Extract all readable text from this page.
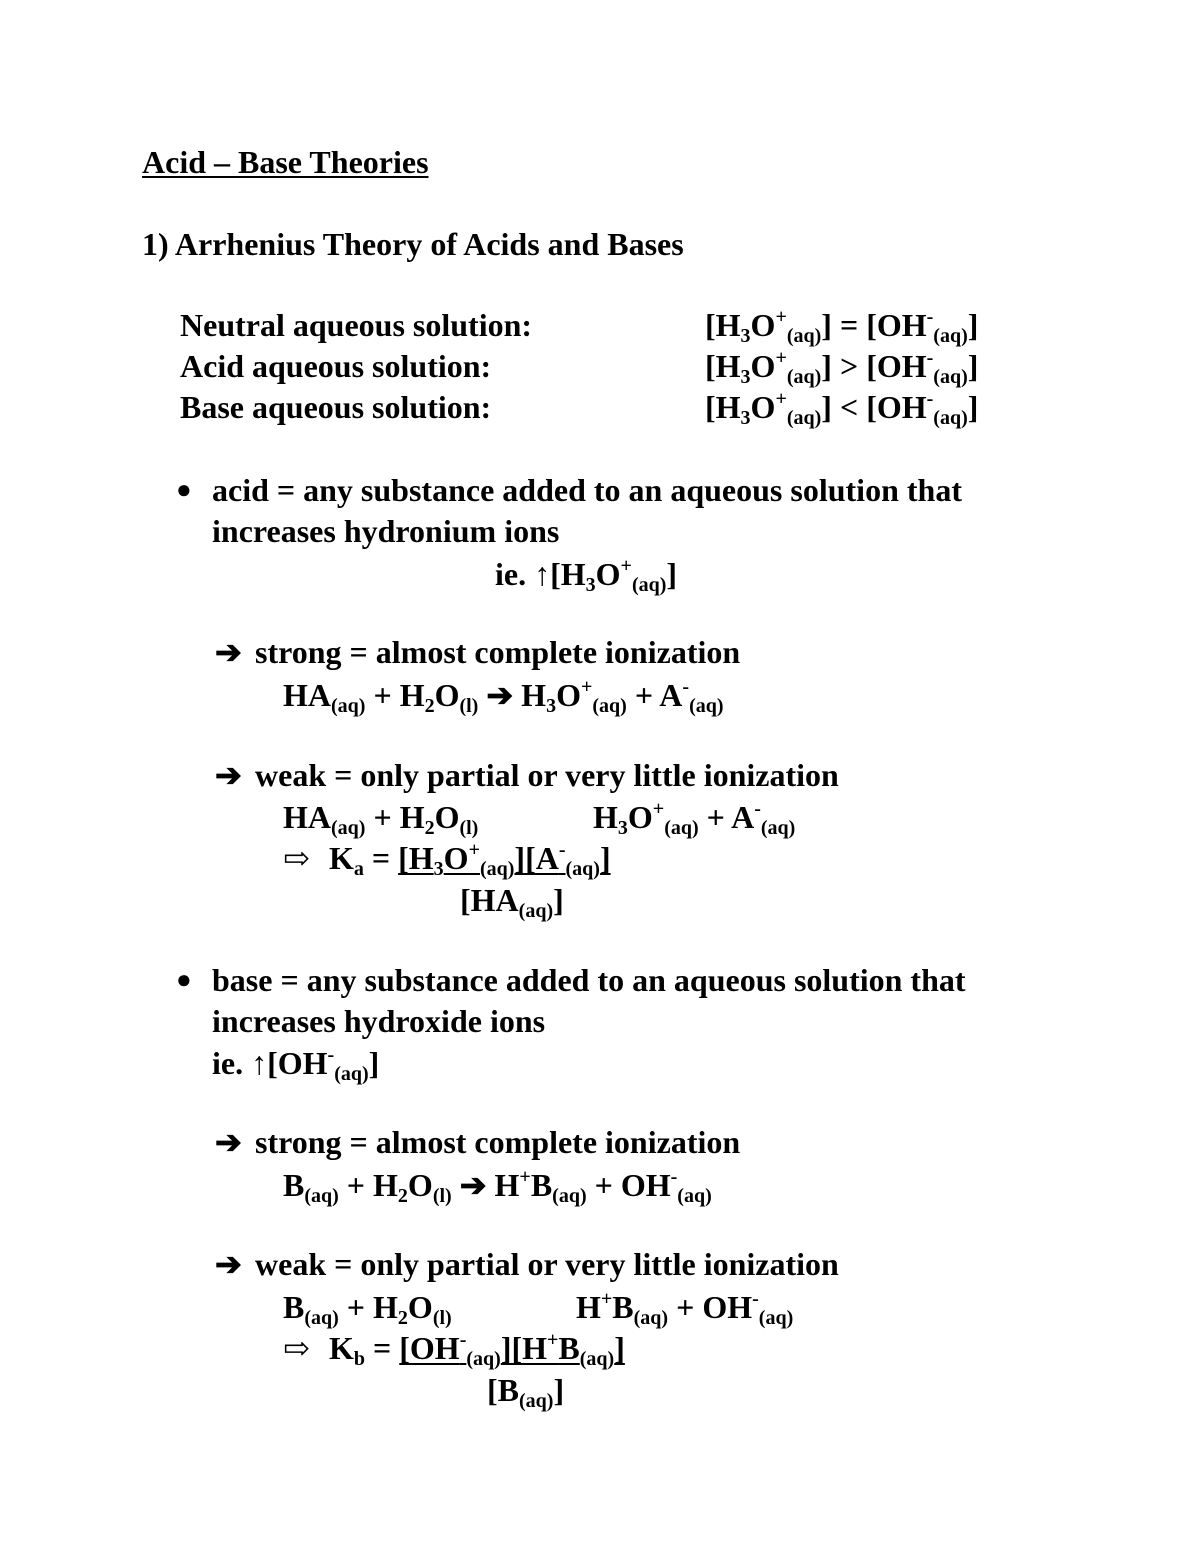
Acid – Base Theories
1) Arrhenius Theory of Acids and Bases
Neutral aqueous solution:	$[H_3O^+_{(aq)}] = [OH^-_{(aq)}]$
Acid aqueous solution:	$[H_3O^+_{(aq)}] > [OH^-_{(aq)}]$
Base aqueous solution:	$[H_3O^+_{(aq)}] < [OH^-_{(aq)}]$
● acid = any substance added to an aqueous solution that
increases hydronium ions
ie. $↑[H_3O^+_{(aq)}]$
➔ strong = almost complete ionization
$HA_{(aq)} + H_2O_{(l)}$ ➔ $H_3O^+_{(aq)} + A^-_{(aq)}$
➔ weak = only partial or very little ionization
$HA_{(aq)} + H_2O_{(l)}$	$H_3O^+_{(aq)} + A^-_{(aq)}$
⇨ $K_a = [H_3O^+_{(aq)}][A^-_{(aq)}]$
$[HA_{(aq)}]$
● base = any substance added to an aqueous solution that
increases hydroxide ions
ie. $↑[OH^-_{(aq)}]$
➔ strong = almost complete ionization
$B_{(aq)} + H_2O_{(l)}$ ➔ $H^+B_{(aq)} + OH^-_{(aq)}$
➔ weak = only partial or very little ionization
$B_{(aq)} + H_2O_{(l)}$	$H^+B_{(aq)} + OH^-_{(aq)}$
⇨ $K_b = [OH^-_{(aq)}][H^+B_{(aq)}]$
$[B_{(aq)}]$
